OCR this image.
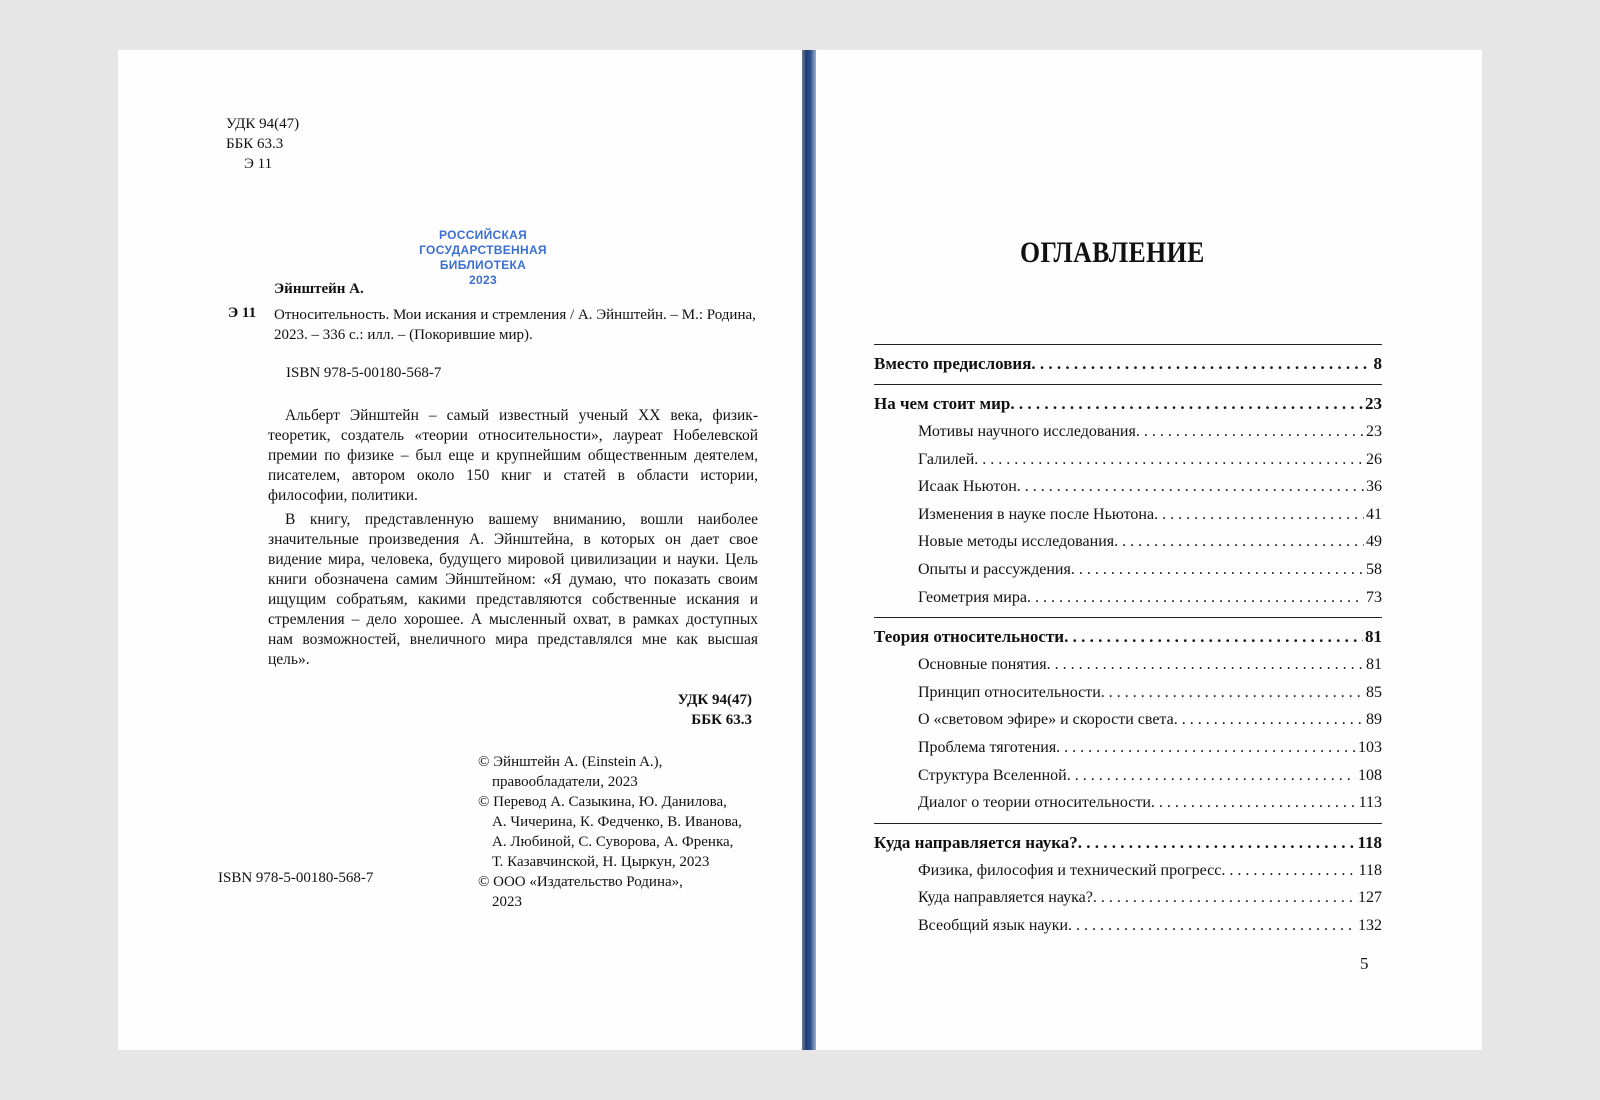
УДК 94(47)
ББК 63.3
Э 11
РОССИЙСКАЯ
ГОСУДАРСТВЕННАЯ
БИБЛИОТЕКА
2023
Эйнштейн А.
Э 11 Относительность. Мои искания и стремления / А. Эйнштейн. – М.: Родина, 2023. – 336 с.: илл. – (Покорившие мир).
ISBN 978-5-00180-568-7

Альберт Эйнштейн – самый известный ученый XX века, физик-теоретик, создатель «теории относительности», лауреат Нобелевской премии по физике – был еще и крупнейшим общественным деятелем, писателем, автором около 150 книг и статей в области истории, философии, политики.

В книгу, представленную вашему вниманию, вошли наиболее значительные произведения А. Эйнштейна, в которых он дает свое видение мира, человека, будущего мировой цивилизации и науки. Цель книги обозначена самим Эйнштейном: «Я думаю, что показать своим ищущим собратьям, какими представляются собственные искания и стремления – дело хорошее. А мысленный охват, в рамках доступных нам возможностей, внеличного мира представлялся мне как высшая цель».

УДК 94(47)
ББК 63.3
© Эйнштейн А. (Einstein A.),
правообладатели, 2023
© Перевод А. Сазыкина, Ю. Данилова,
А. Чичерина, К. Федченко, В. Иванова,
А. Любиной, С. Суворова, А. Френка,
Т. Казавчинской, Н. Цыркун, 2023
© ООО «Издательство Родина»,
2023
ISBN 978-5-00180-568-7
ОГЛАВЛЕНИЕ
Вместо предисловия . . .	8
На чем стоит мир . . .	23
Мотивы научного исследования . . .	23
Галилей . . .	26
Исаак Ньютон . . .	36
Изменения в науке после Ньютона . . .	41
Новые методы исследования . . .	49
Опыты и рассуждения . . .	58
Геометрия мира . . .	73
Теория относительности . . .	81
Основные понятия . . .	81
Принцип относительности . . .	85
О «световом эфире» и скорости света . . .	89
Проблема тяготения . . .	103
Структура Вселенной . . .	108
Диалог о теории относительности . . .	113
Куда направляется наука? . . .	118
Физика, философия и технический прогресс . . .	118
Куда направляется наука? . . .	127
Всеобщий язык науки . . .	132
5
